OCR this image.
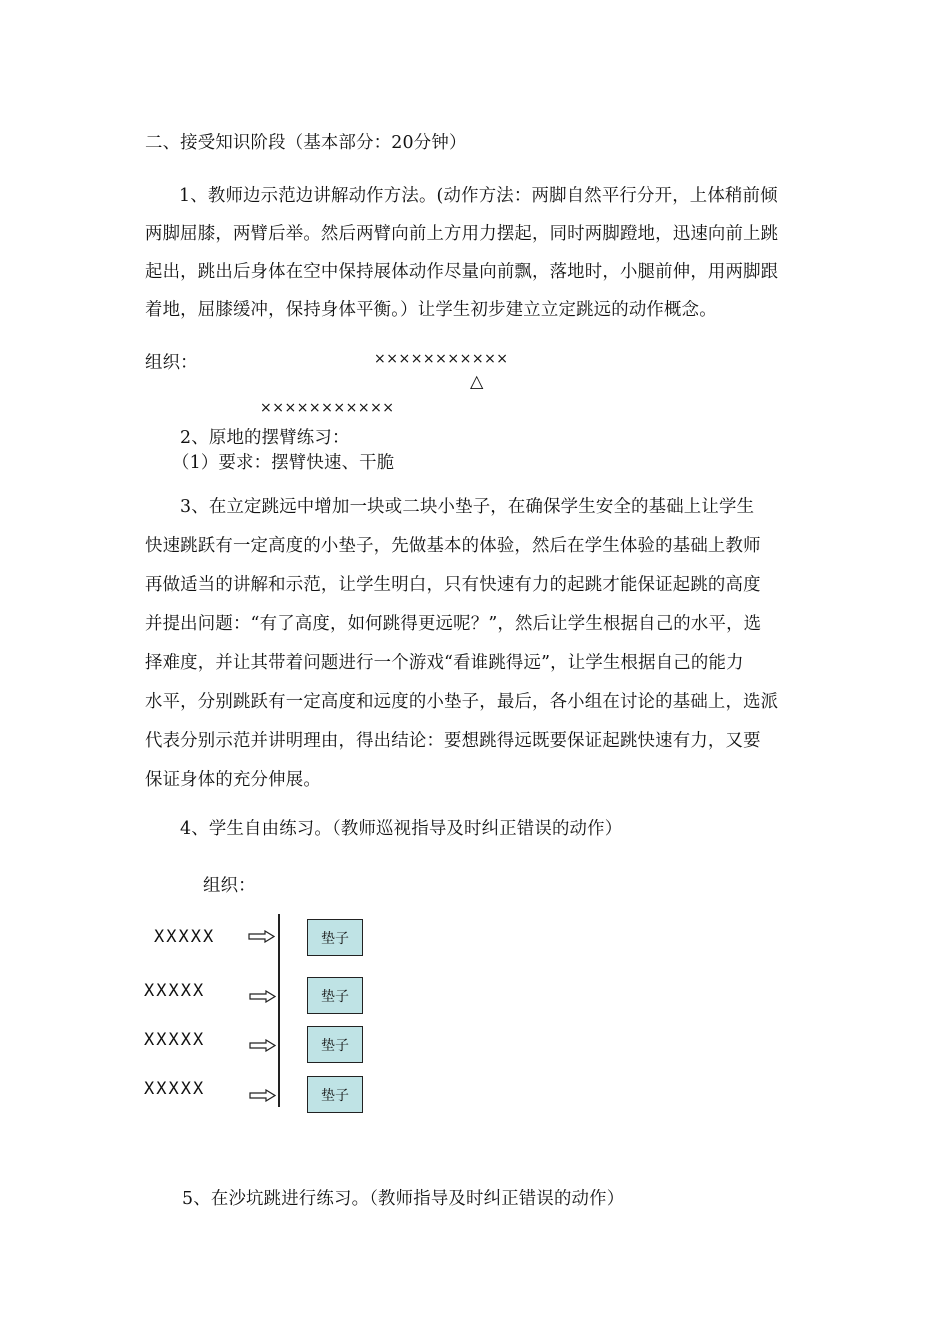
二、接受知识阶段（基本部分：20分钟）
1、教师边示范边讲解动作方法。(动作方法：两脚自然平行分开，上体稍前倾
两脚屈膝，两臂后举。然后两臂向前上方用力摆起，同时两脚蹬地，迅速向前上跳
起出，跳出后身体在空中保持展体动作尽量向前飘，落地时，小腿前伸，用两脚跟
着地，屈膝缓冲，保持身体平衡。）让学生初步建立立定跳远的动作概念。
组织：	×××××××××××
△
×××××××××××
2、原地的摆臂练习：
（1）要求：摆臂快速、干脆
3、在立定跳远中增加一块或二块小垫子，在确保学生安全的基础上让学生
快速跳跃有一定高度的小垫子，先做基本的体验，然后在学生体验的基础上教师
再做适当的讲解和示范，让学生明白，只有快速有力的起跳才能保证起跳的高度
并提出问题：“有了高度，如何跳得更远呢？”，然后让学生根据自己的水平，选
择难度，并让其带着问题进行一个游戏“看谁跳得远”，让学生根据自己的能力
水平，分别跳跃有一定高度和远度的小垫子，最后，各小组在讨论的基础上，选派
代表分别示范并讲明理由，得出结论：要想跳得远既要保证起跳快速有力，又要
保证身体的充分伸展。
4、学生自由练习。（教师巡视指导及时纠正错误的动作）
组织：
XXXXX	垫子
XXXXX	垫子
XXXXX	垫子
XXXXX	垫子
5、在沙坑跳进行练习。（教师指导及时纠正错误的动作）
